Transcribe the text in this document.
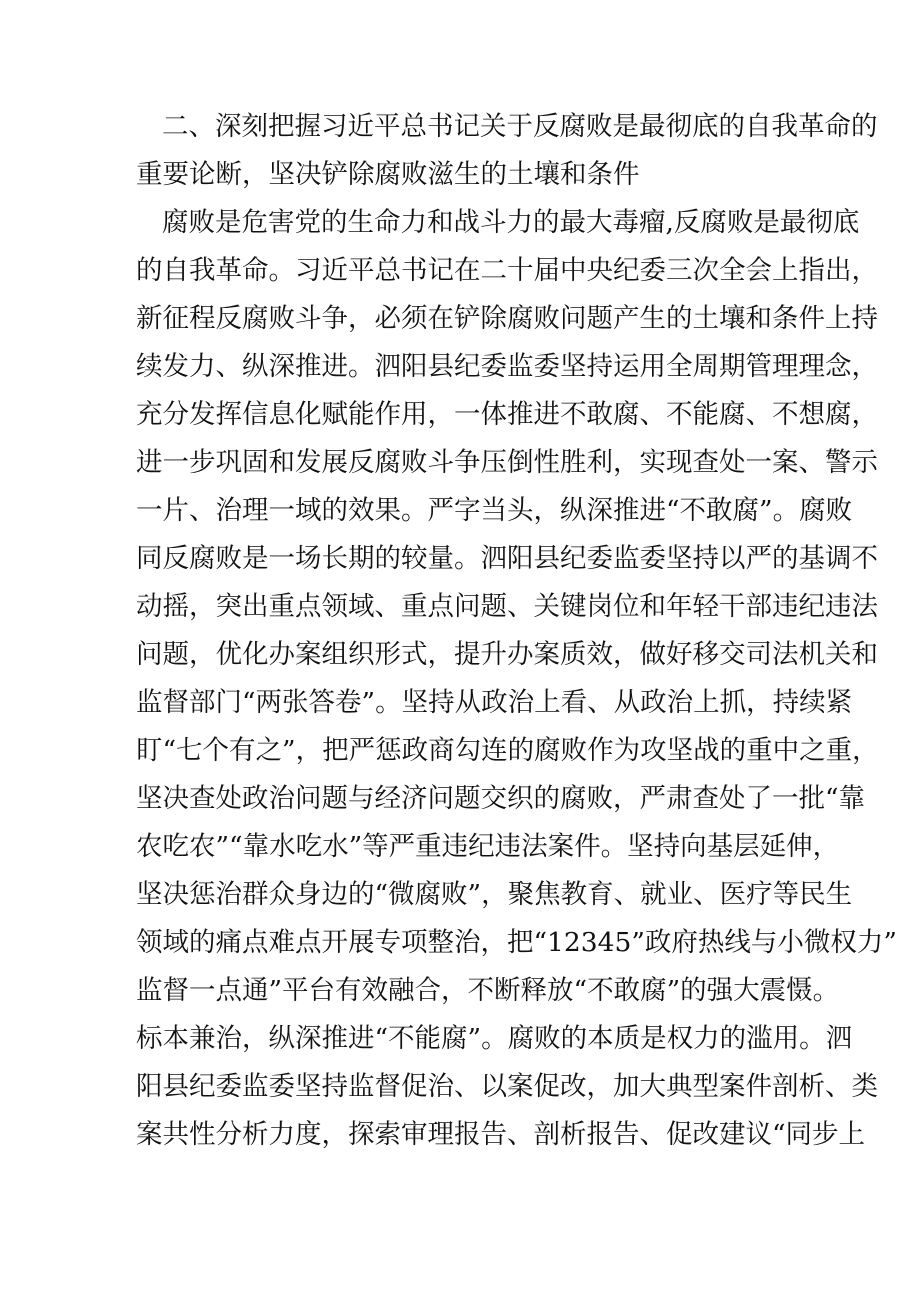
二、深刻把握习近平总书记关于反腐败是最彻底的自我革命的
重要论断，坚决铲除腐败滋生的土壤和条件
腐败是危害党的生命力和战斗力的最大毒瘤,反腐败是最彻底
的自我革命。习近平总书记在二十届中央纪委三次全会上指出，
新征程反腐败斗争，必须在铲除腐败问题产生的土壤和条件上持
续发力、纵深推进。泗阳县纪委监委坚持运用全周期管理理念，
充分发挥信息化赋能作用，一体推进不敢腐、不能腐、不想腐，
进一步巩固和发展反腐败斗争压倒性胜利，实现查处一案、警示
一片、治理一域的效果。严字当头，纵深推进“不敢腐”。腐败
同反腐败是一场长期的较量。泗阳县纪委监委坚持以严的基调不
动摇，突出重点领域、重点问题、关键岗位和年轻干部违纪违法
问题，优化办案组织形式，提升办案质效，做好移交司法机关和
监督部门“两张答卷”。坚持从政治上看、从政治上抓，持续紧
盯“七个有之”，把严惩政商勾连的腐败作为攻坚战的重中之重，
坚决查处政治问题与经济问题交织的腐败，严肃查处了一批“靠
农吃农”“靠水吃水”等严重违纪违法案件。坚持向基层延伸，
坚决惩治群众身边的“微腐败”，聚焦教育、就业、医疗等民生
领域的痛点难点开展专项整治，把“12345”政府热线与小微权力”
监督一点通”平台有效融合，不断释放“不敢腐”的强大震慑。
标本兼治，纵深推进“不能腐”。腐败的本质是权力的滥用。泗
阳县纪委监委坚持监督促治、以案促改，加大典型案件剖析、类
案共性分析力度，探索审理报告、剖析报告、促改建议“同步上
